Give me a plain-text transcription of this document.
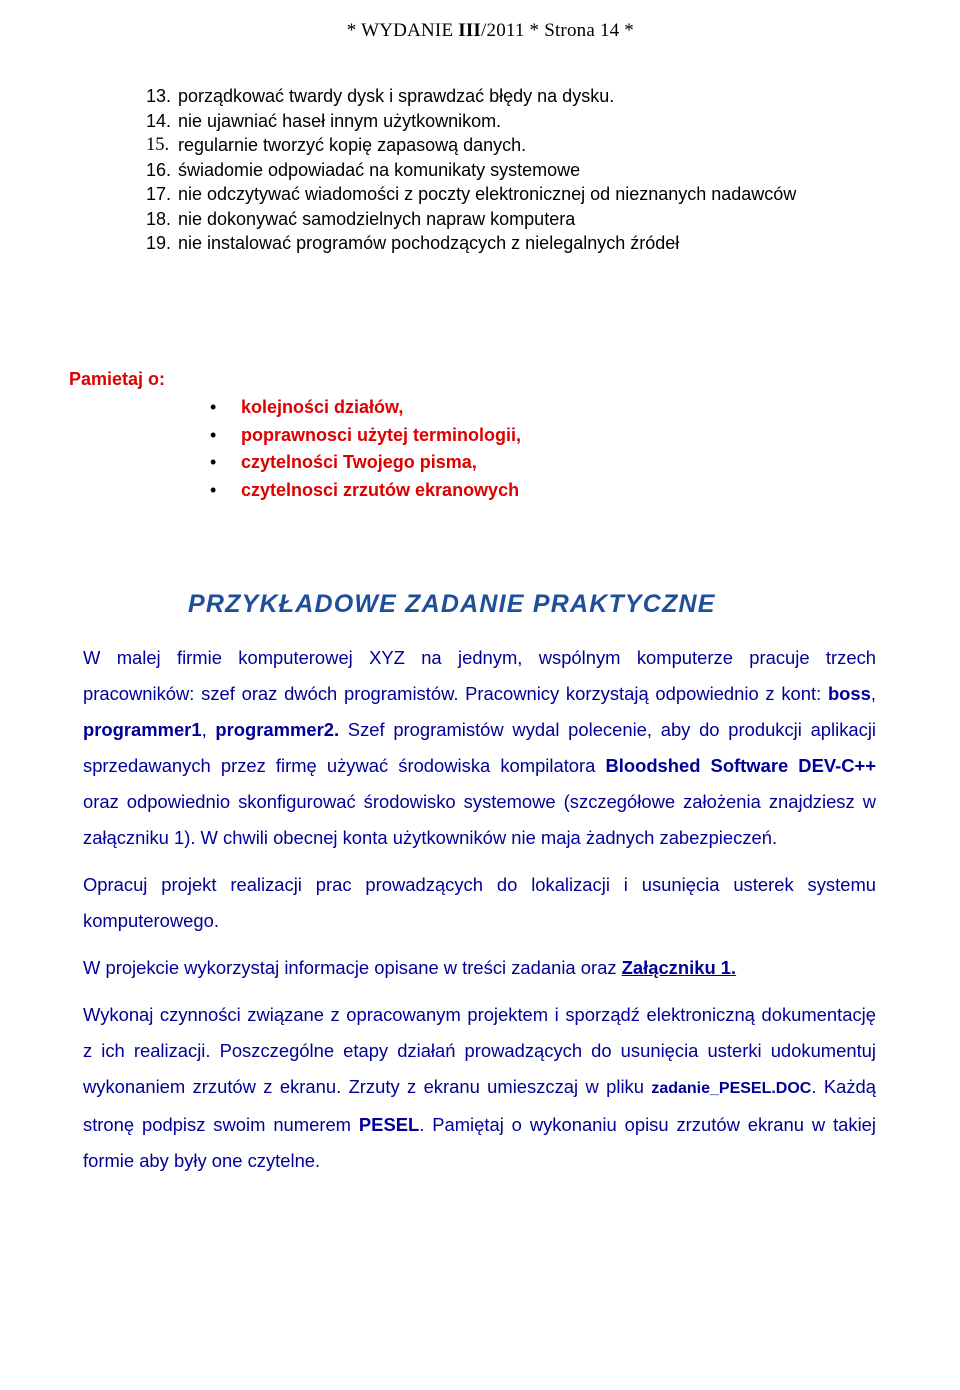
* WYDANIE III/2011 * Strona 14 *
13. porządkować twardy dysk i sprawdzać błędy na dysku.
14. nie ujawniać haseł innym użytkownikom.
15. regularnie tworzyć kopię zapasową danych.
16. świadomie odpowiadać na komunikaty systemowe
17. nie odczytywać wiadomości z poczty elektronicznej od nieznanych nadawców
18. nie dokonywać samodzielnych napraw komputera
19. nie instalować programów pochodzących z nielegalnych źródeł
Pamietaj o:
• kolejności działów,
• poprawnosci użytej terminologii,
• czytelności Twojego pisma,
• czytelnosci zrzutów ekranowych
PRZYKŁADOWE ZADANIE PRAKTYCZNE

W malej firmie komputerowej XYZ na jednym, wspólnym komputerze pracuje trzech pracowników: szef oraz dwóch programistów. Pracownicy korzystają odpowiednio z kont: boss, programmer1, programmer2. Szef programistów wydal polecenie, aby do produkcji aplikacji sprzedawanych przez firmę używać środowiska kompilatora Bloodshed Software DEV-C++ oraz odpowiednio skonfigurować środowisko systemowe (szczegółowe założenia znajdziesz w załączniku 1). W chwili obecnej konta użytkowników nie maja żadnych zabezpieczeń.

Opracuj projekt realizacji prac prowadzących do lokalizacji i usunięcia usterek systemu komputerowego.

W projekcie wykorzystaj informacje opisane w treści zadania oraz Załączniku 1.

Wykonaj czynności związane z opracowanym projektem i sporządź elektroniczną dokumentację z ich realizacji. Poszczególne etapy działań prowadzących do usunięcia usterki udokumentuj wykonaniem zrzutów z ekranu. Zrzuty z ekranu umieszczaj w pliku zadanie_PESEL.DOC. Każdą stronę podpisz swoim numerem PESEL. Pamiętaj o wykonaniu opisu zrzutów ekranu w takiej formie aby były one czytelne.
